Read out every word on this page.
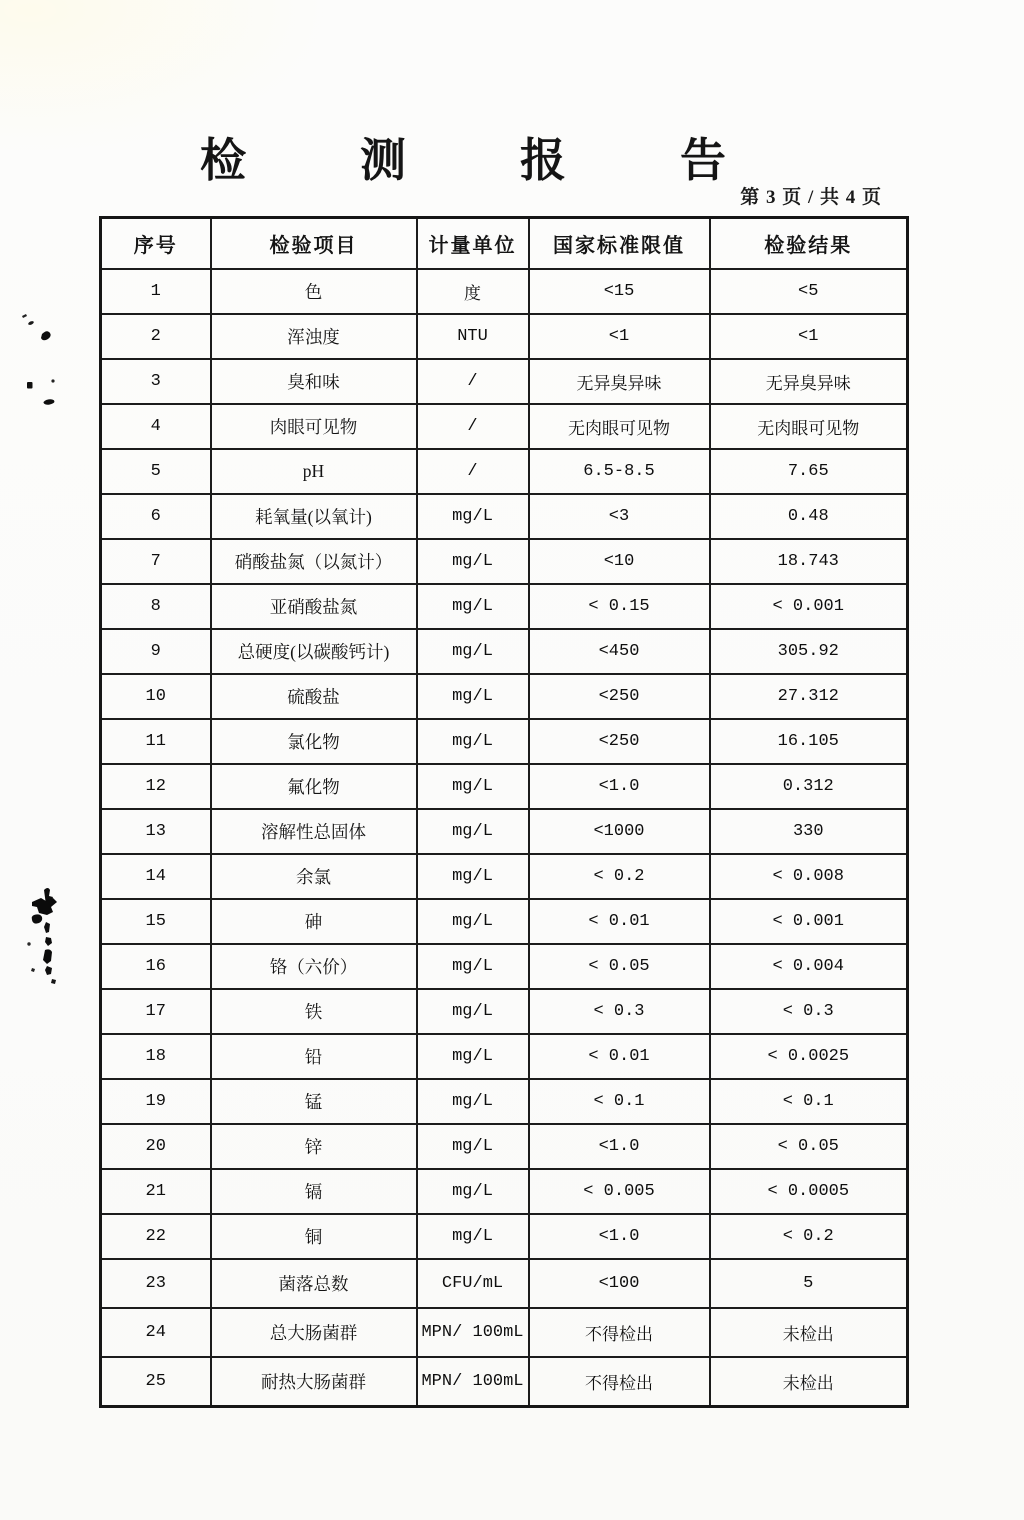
检 测 报 告
第 3 页 / 共 4 页
序号	检验项目	计量单位	国家标准限值	检验结果
1	色	度	<15	<5
2	浑浊度	NTU	<1	<1
3	臭和味	/	无异臭异味	无异臭异味
4	肉眼可见物	/	无肉眼可见物	无肉眼可见物
5	pH	/	6.5-8.5	7.65
6	耗氧量(以氧计)	mg/L	<3	0.48
7	硝酸盐氮（以氮计）	mg/L	<10	18.743
8	亚硝酸盐氮	mg/L	< 0.15	< 0.001
9	总硬度(以碳酸钙计)	mg/L	<450	305.92
10	硫酸盐	mg/L	<250	27.312
11	氯化物	mg/L	<250	16.105
12	氟化物	mg/L	<1.0	0.312
13	溶解性总固体	mg/L	<1000	330
14	余氯	mg/L	< 0.2	< 0.008
15	砷	mg/L	< 0.01	< 0.001
16	铬（六价）	mg/L	< 0.05	< 0.004
17	铁	mg/L	< 0.3	< 0.3
18	铅	mg/L	< 0.01	< 0.0025
19	锰	mg/L	< 0.1	< 0.1
20	锌	mg/L	<1.0	< 0.05
21	镉	mg/L	< 0.005	< 0.0005
22	铜	mg/L	<1.0	< 0.2
23	菌落总数	CFU/mL	<100	5
24	总大肠菌群	MPN/ 100mL	不得检出	未检出
25	耐热大肠菌群	MPN/ 100mL	不得检出	未检出
